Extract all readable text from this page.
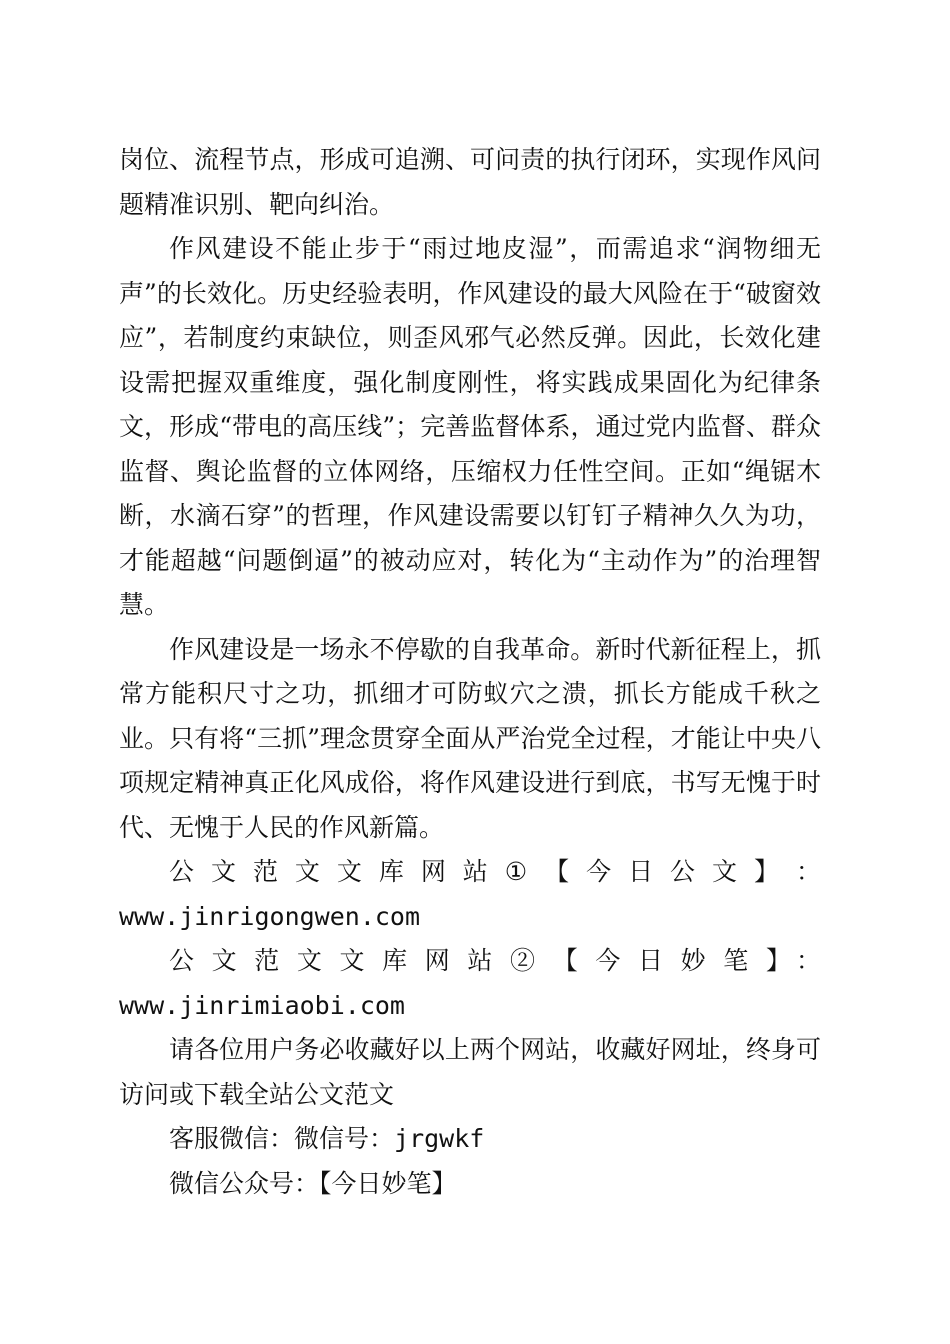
岗位、流程节点，形成可追溯、可问责的执行闭环，实现作风问题精准识别、靶向纠治。

作风建设不能止步于“雨过地皮湿”，而需追求“润物细无声”的长效化。历史经验表明，作风建设的最大风险在于“破窗效应”，若制度约束缺位，则歪风邪气必然反弹。因此，长效化建设需把握双重维度，强化制度刚性，将实践成果固化为纪律条文，形成“带电的高压线”；完善监督体系，通过党内监督、群众监督、舆论监督的立体网络，压缩权力任性空间。正如“绳锯木断，水滴石穿”的哲理，作风建设需要以钉钉子精神久久为功，才能超越“问题倒逼”的被动应对，转化为“主动作为”的治理智慧。

作风建设是一场永不停歇的自我革命。新时代新征程上，抓常方能积尺寸之功，抓细才可防蚁穴之溃，抓长方能成千秋之业。只有将“三抓”理念贯穿全面从严治党全过程，才能让中央八项规定精神真正化风成俗，将作风建设进行到底，书写无愧于时代、无愧于人民的作风新篇。

公 文 范 文 文 库 网 站 ① 【 今 日 公 文 】 ：
www.jinrigongwen.com

公文范文文库网站②【今日妙笔】：www.jinrimiaobi.com

请各位用户务必收藏好以上两个网站，收藏好网址，终身可访问或下载全站公文范文

客服微信：微信号：jrgwkf

微信公众号：【今日妙笔】
